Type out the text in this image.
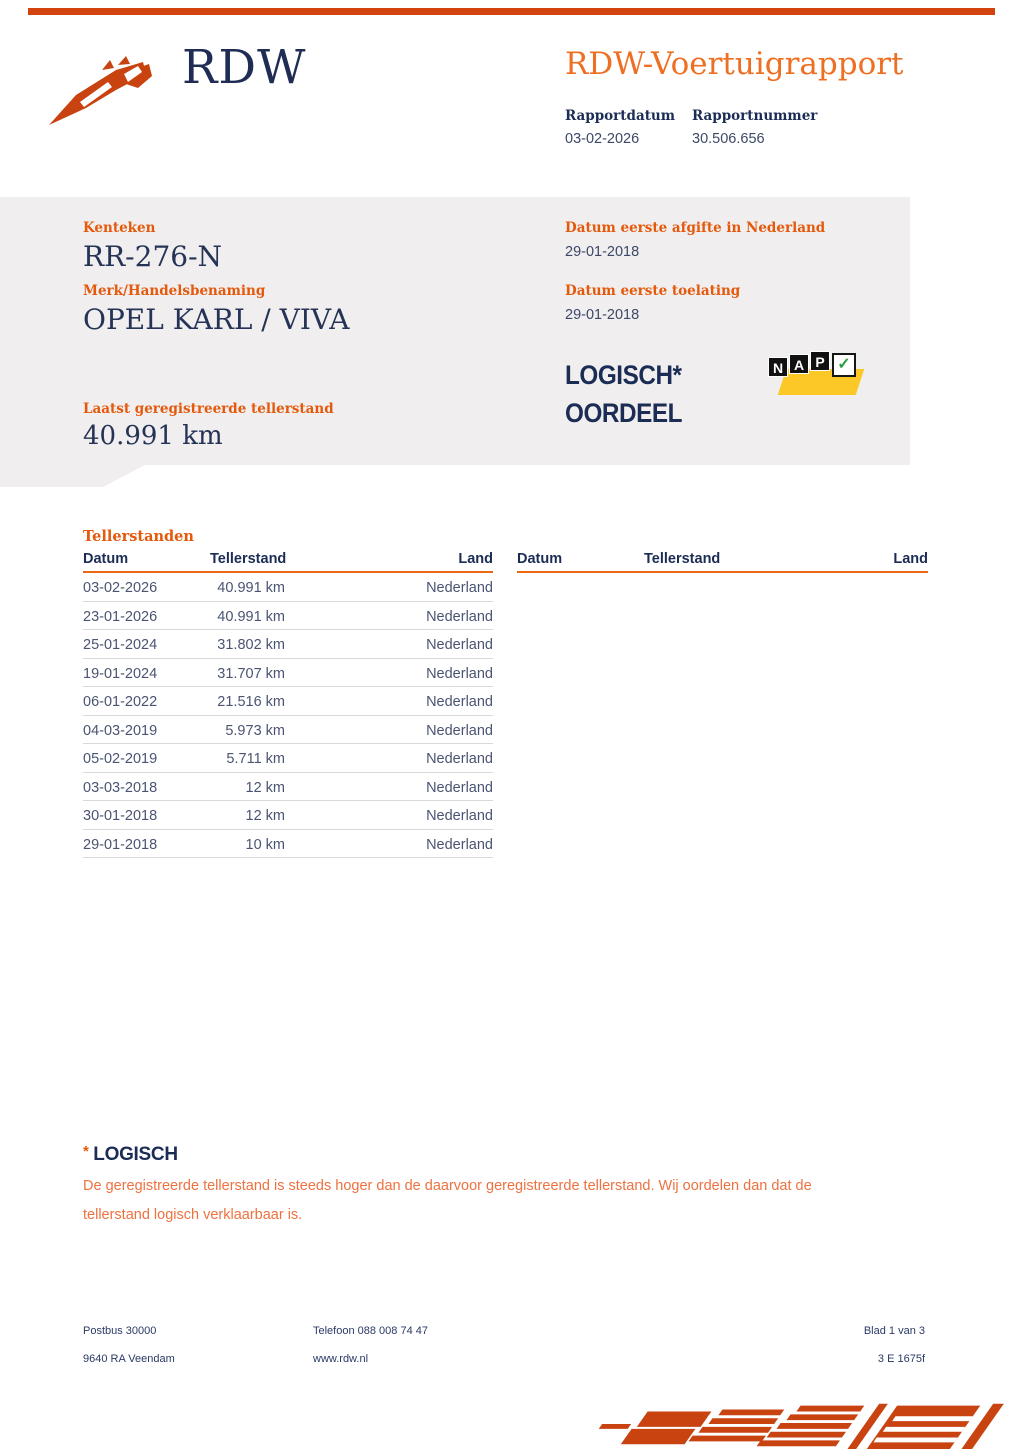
RDW	RDW-Voertuigrapport
Rapportdatum Rapportnummer
03-02-2026	30.506.656
Kenteken
RR-276-N
Merk/Handelsbenaming
OPEL KARL / VIVA
Laatst geregistreerde tellerstand
40.991 km
Datum eerste afgifte in Nederland
29-01-2018
Datum eerste toelating
29-01-2018
LOGISCH*
OORDEEL
N A P ✓
Tellerstanden
Datum	Tellerstand	Land
03-02-2026	40.991 km	Nederland
23-01-2026	40.991 km	Nederland
25-01-2024	31.802 km	Nederland
19-01-2024	31.707 km	Nederland
06-01-2022	21.516 km	Nederland
04-03-2019	5.973 km	Nederland
05-02-2019	5.711 km	Nederland
03-03-2018	12 km	Nederland
30-01-2018	12 km	Nederland
29-01-2018	10 km	Nederland
Datum	Tellerstand	Land
* LOGISCH
De geregistreerde tellerstand is steeds hoger dan de daarvoor geregistreerde tellerstand. Wij oordelen dan dat de tellerstand logisch verklaarbaar is.
Postbus 30000
9640 RA Veendam
Telefoon 088 008 74 47
www.rdw.nl
Blad 1 van 3
3 E 1675f
